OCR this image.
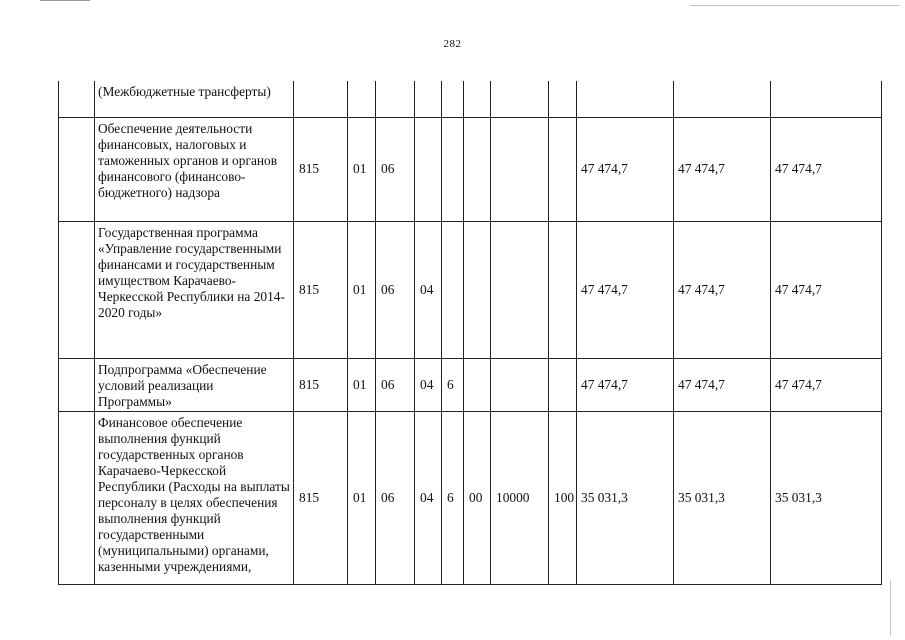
282
	(Межбюджетные трансферты)											
	Обеспечение деятельности финансовых, налоговых и таможенных органов и органов финансового (финансово-бюджетного) надзора	815	01	06						47 474,7	47 474,7	47 474,7
	Государственная программа «Управление государственными финансами и государственным имуществом Карачаево-Черкесской Республики на 2014-2020 годы»	815	01	06	04					47 474,7	47 474,7	47 474,7
	Подпрограмма «Обеспечение условий реализации Программы»	815	01	06	04	6				47 474,7	47 474,7	47 474,7
	Финансовое обеспечение выполнения функций государственных органов Карачаево-Черкесской Республики (Расходы на выплаты персоналу в целях обеспечения выполнения функций государственными (муниципальными) органами, казенными учреждениями,	815	01	06	04	6	00	10000	100	35 031,3	35 031,3	35 031,3
